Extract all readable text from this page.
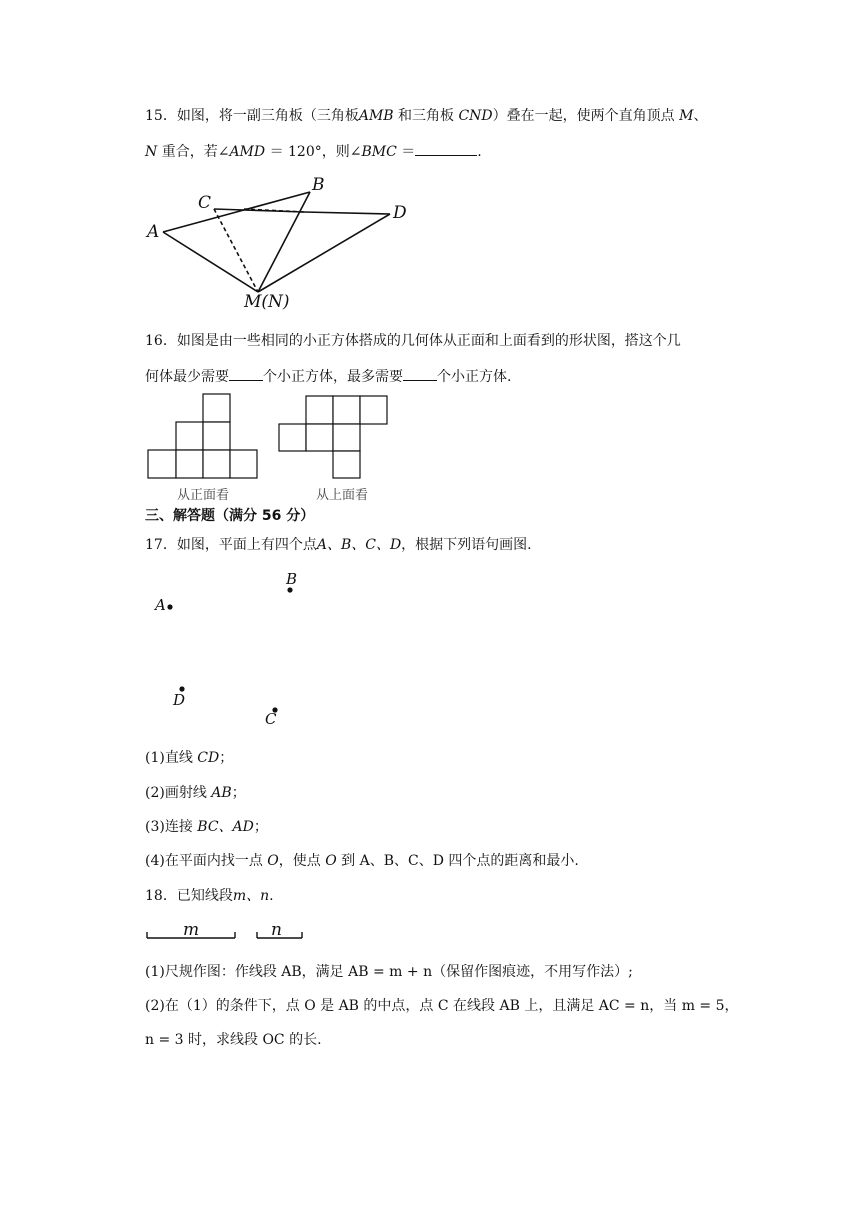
15．如图，将一副三角板（三角板AMB 和三角板 CND）叠在一起，使两个直角顶点 M、
N 重合，若∠AMD ＝ 120°，则∠BMC ＝	.
A
B
C	D
M(N)
16．如图是由一些相同的小正方体搭成的几何体从正面和上面看到的形状图，搭这个几
何体最少需要 个小正方体，最多需要 个小正方体.
从正面看	从上面看
三、解答题（满分 56 分）
17．如图，平面上有四个点A、B、C、D，根据下列语句画图.
A
B
D
C
(1)直线 CD；
(2)画射线 AB；
(3)连接 BC、AD；
(4)在平面内找一点 O，使点 O 到 A、B、C、D 四个点的距离和最小.
18．已知线段m、n.
m	n
(1)尺规作图：作线段 AB，满足 AB = m + n（保留作图痕迹，不用写作法）;
(2)在（1）的条件下，点 O 是 AB 的中点，点 C 在线段 AB 上，且满足 AC = n，当 m = 5，
n = 3 时，求线段 OC 的长.
